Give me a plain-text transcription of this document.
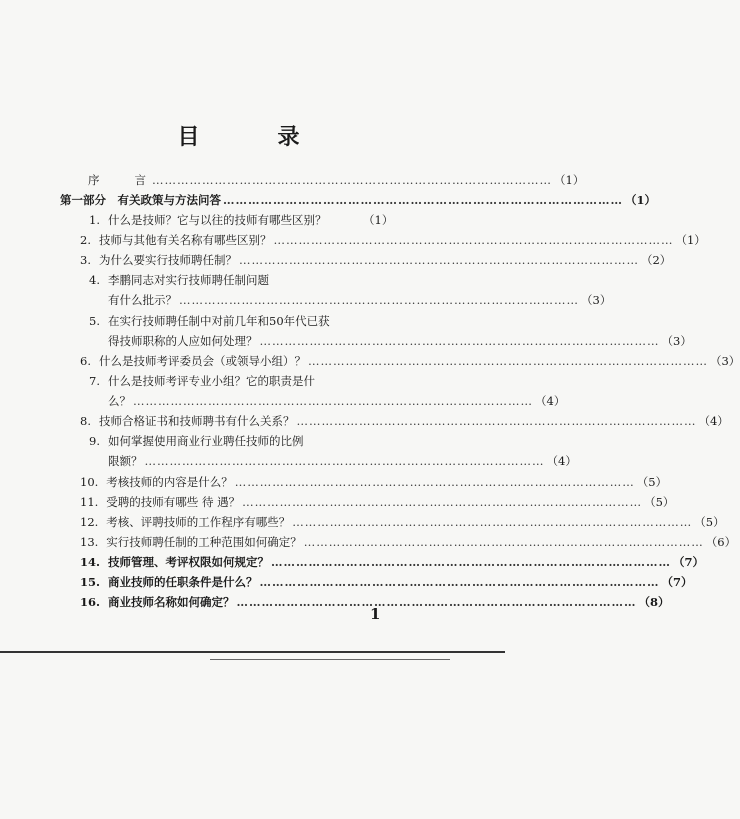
目　录
序　　言 …………………………………………………………………………………… （1）
第一部分　有关政策与方法问答 …………………………………………………………………………………… （1）
1. 什么是技师？它与以往的技师有哪些区别？	（1）
2. 技师与其他有关名称有哪些区别？ …………………………………………………………………………………… （1）
3. 为什么要实行技师聘任制？ …………………………………………………………………………………… （2）
4. 李鹏同志对实行技师聘任制问题
有什么批示？ …………………………………………………………………………………… （3）
5. 在实行技师聘任制中对前几年和50年代已获
得技师职称的人应如何处理？ …………………………………………………………………………………… （3）
6. 什么是技师考评委员会（或领导小组）？ …………………………………………………………………………………… （3）
7. 什么是技师考评专业小组？它的职责是什
么？ …………………………………………………………………………………… （4）
8. 技师合格证书和技师聘书有什么关系？ …………………………………………………………………………………… （4）
9. 如何掌握使用商业行业聘任技师的比例
限额？ …………………………………………………………………………………… （4）
10. 考核技师的内容是什么？ …………………………………………………………………………………… （5）
11. 受聘的技师有哪些 待 遇？ …………………………………………………………………………………… （5）
12. 考核、评聘技师的工作程序有哪些？ …………………………………………………………………………………… （5）
13. 实行技师聘任制的工种范围如何确定？ …………………………………………………………………………………… （6）
14. 技师管理、考评权限如何规定？ …………………………………………………………………………………… （7）
15. 商业技师的任职条件是什么？ …………………………………………………………………………………… （7）
16. 商业技师名称如何确定？ …………………………………………………………………………………… （8）
1
